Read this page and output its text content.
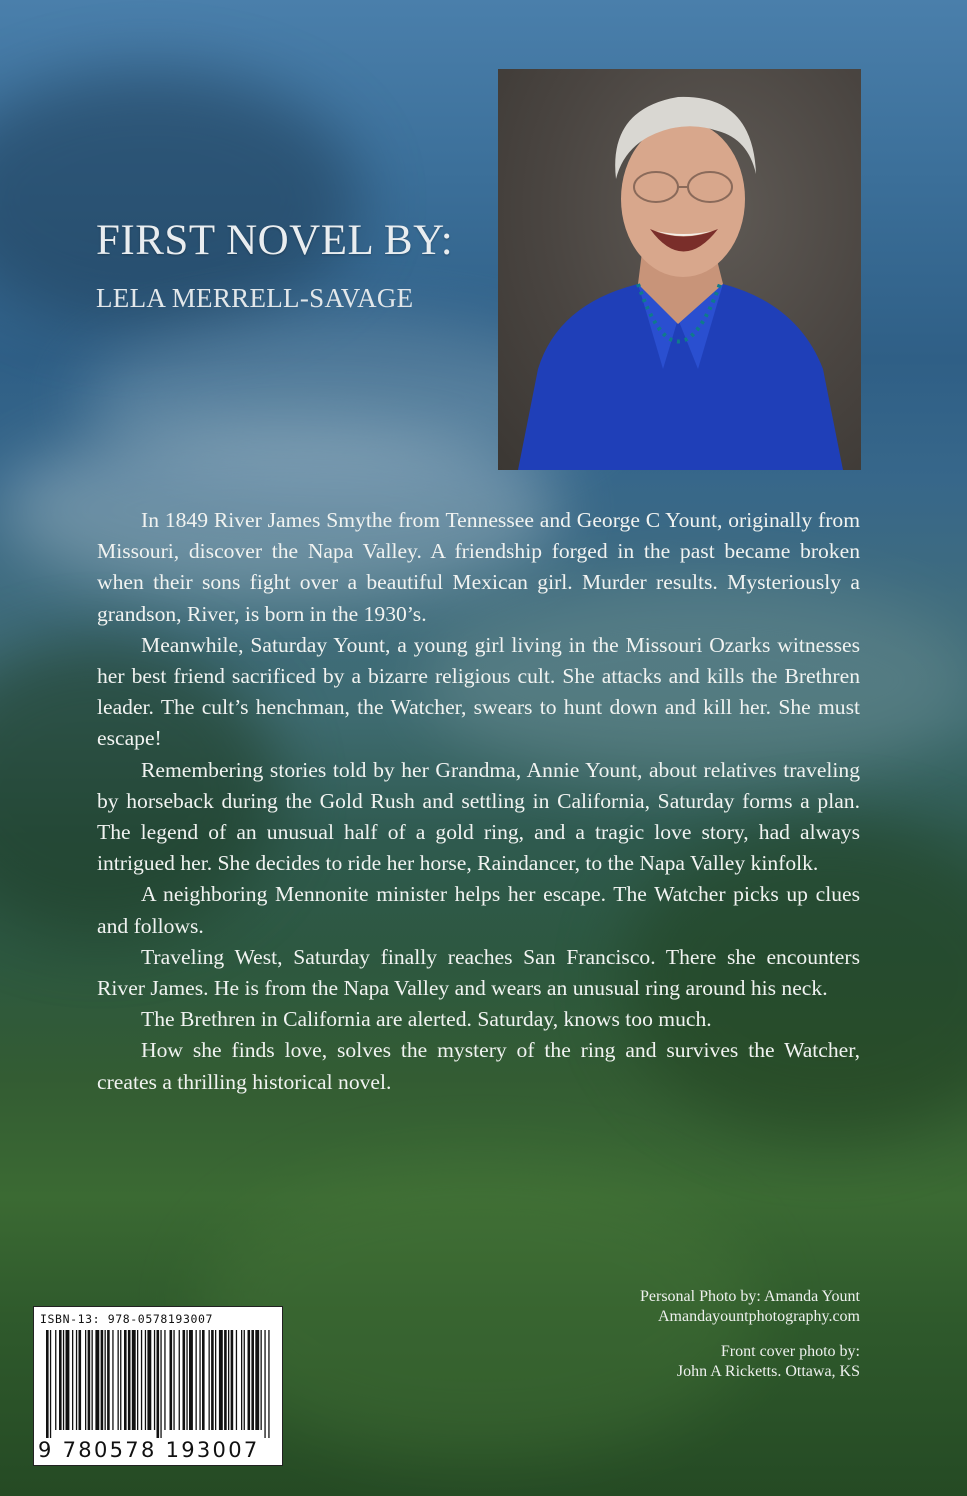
FIRST NOVEL BY:
LELA MERRELL-SAVAGE

In 1849 River James Smythe from Tennessee and George C Yount, originally from Missouri, discover the Napa Valley. A friendship forged in the past became broken when their sons fight over a beautiful Mexican girl. Murder results. Mysteriously a grandson, River, is born in the 1930’s.

Meanwhile, Saturday Yount, a young girl living in the Missouri Ozarks witnesses her best friend sacrificed by a bizarre religious cult. She attacks and kills the Brethren leader. The cult’s henchman, the Watcher, swears to hunt down and kill her. She must escape!

Remembering stories told by her Grandma, Annie Yount, about relatives traveling by horseback during the Gold Rush and settling in California, Saturday forms a plan. The legend of an unusual half of a gold ring, and a tragic love story, had always intrigued her. She decides to ride her horse, Raindancer, to the Napa Valley kinfolk.

A neighboring Mennonite minister helps her escape. The Watcher picks up clues and follows.

Traveling West, Saturday finally reaches San Francisco. There she encounters River James. He is from the Napa Valley and wears an unusual ring around his neck.

The Brethren in California are alerted. Saturday, knows too much.

How she finds love, solves the mystery of the ring and survives the Watcher, creates a thrilling historical novel.

Personal Photo by: Amanda Yount
Amandayountphotography.com
Front cover photo by:
John A Ricketts. Ottawa, KS
ISBN-13: 978-0578193007
9 780578 193007
